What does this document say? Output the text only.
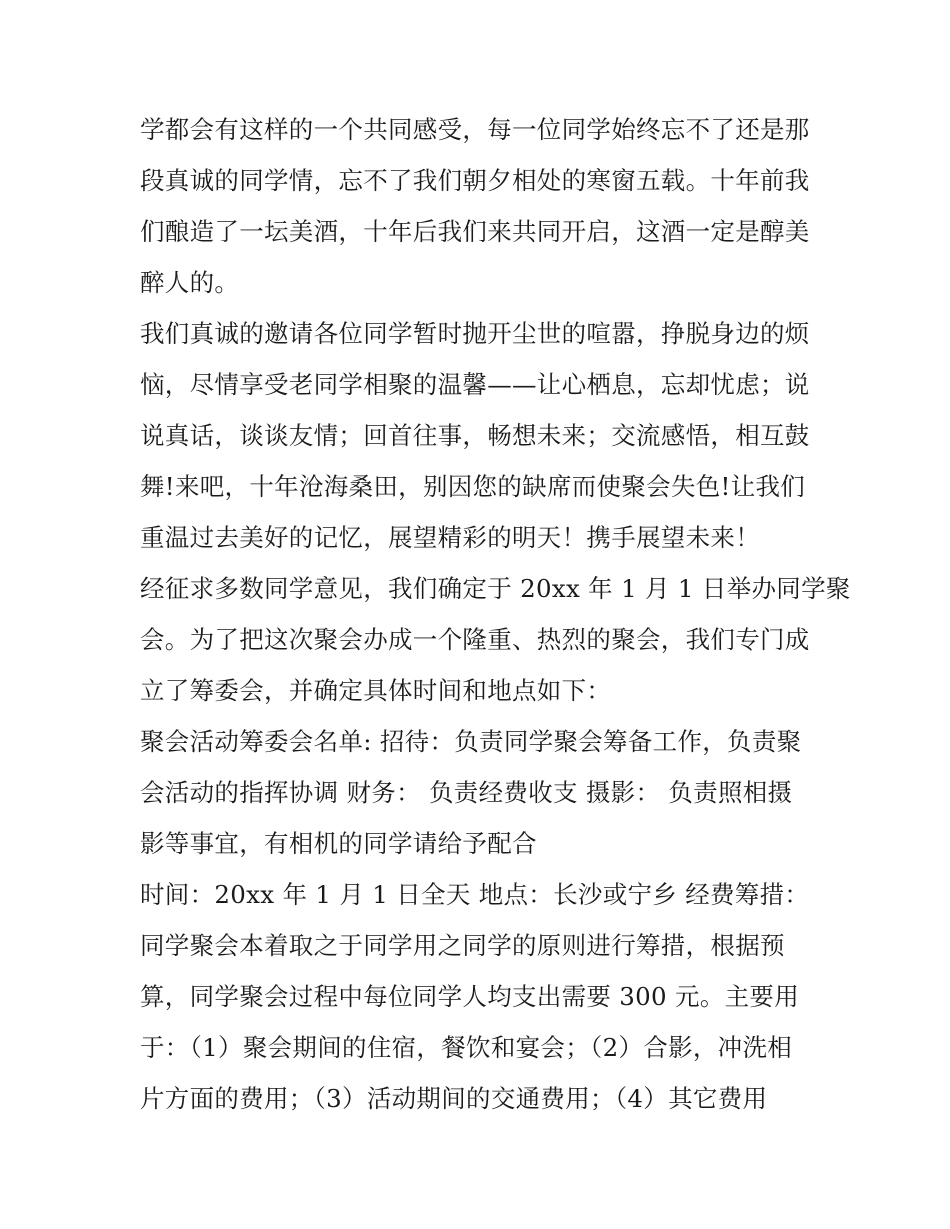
学都会有这样的一个共同感受，每一位同学始终忘不了还是那
段真诚的同学情，忘不了我们朝夕相处的寒窗五载。十年前我
们酿造了一坛美酒，十年后我们来共同开启，这酒一定是醇美
醉人的。
我们真诚的邀请各位同学暂时抛开尘世的喧嚣，挣脱身边的烦
恼，尽情享受老同学相聚的温馨——让心栖息，忘却忧虑；说
说真话，谈谈友情；回首往事，畅想未来；交流感悟，相互鼓
舞!来吧，十年沧海桑田，别因您的缺席而使聚会失色!让我们
重温过去美好的记忆，展望精彩的明天！携手展望未来！
经征求多数同学意见，我们确定于 20xx 年 1 月 1 日举办同学聚
会。为了把这次聚会办成一个隆重、热烈的聚会，我们专门成
立了筹委会，并确定具体时间和地点如下：
聚会活动筹委会名单: 招待：负责同学聚会筹备工作，负责聚
会活动的指挥协调 财务： 负责经费收支 摄影： 负责照相摄
影等事宜，有相机的同学请给予配合
时间：20xx 年 1 月 1 日全天 地点：长沙或宁乡 经费筹措：
同学聚会本着取之于同学用之同学的原则进行筹措，根据预
算，同学聚会过程中每位同学人均支出需要 300 元。主要用
于：（1）聚会期间的住宿，餐饮和宴会；（2）合影，冲洗相
片方面的费用；（3）活动期间的交通费用；（4）其它费用
